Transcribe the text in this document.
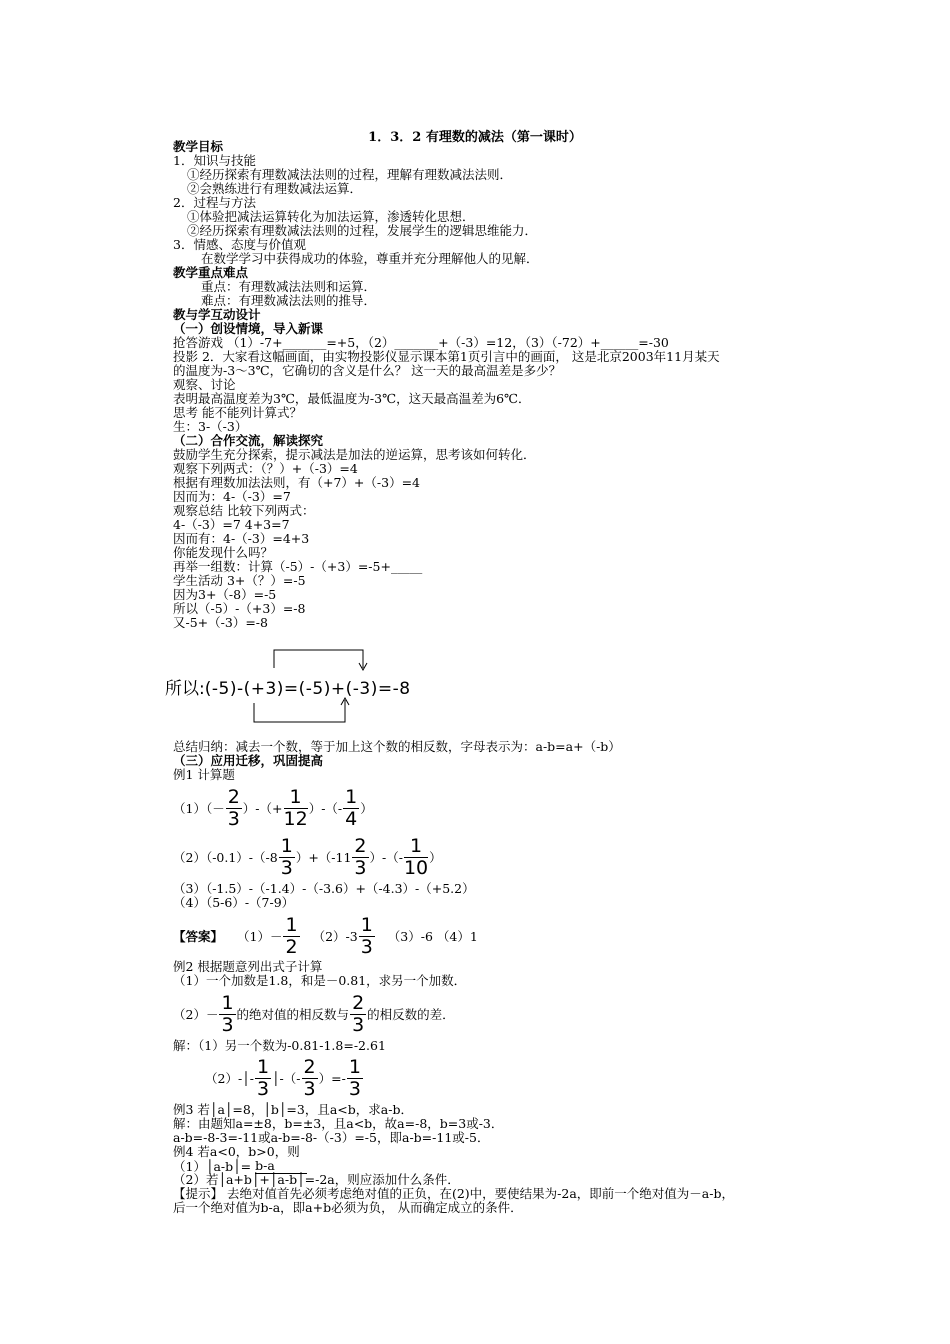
1．3．2 有理数的减法（第一课时）
教学目标
1．知识与技能
①经历探索有理数减法法则的过程，理解有理数减法法则．
②会熟练进行有理数减法运算．
2．过程与方法
①体验把减法运算转化为加法运算，渗透转化思想．
②经历探索有理数减法法则的过程，发展学生的逻辑思维能力．
3．情感、态度与价值观
在数学学习中获得成功的体验，尊重并充分理解他人的见解．
教学重点难点
重点：有理数减法法则和运算．
难点：有理数减法法则的推导．
教与学互动设计
（一）创设情境，导入新课
抢答游戏 （1）-7+_______=+5，（2）_______+（-3）=12，（3）（-72）+______=-30
投影 2．大家看这幅画面，由实物投影仪显示课本第1页引言中的画面， 这是北京2003年11月某天
的温度为-3～3℃，它确切的含义是什么？ 这一天的最高温差是多少？
观察、讨论
表明最高温度差为3℃，最低温度为-3℃，这天最高温差为6℃．
思考 能不能列计算式？
生：3-（-3）
（二）合作交流，解读探究
鼓励学生充分探索，提示减法是加法的逆运算，思考该如何转化．
观察下列两式：（？）+（-3）=4
根据有理数加法法则，有（+7）+（-3）=4
因而为：4-（-3）=7
观察总结 比较下列两式：
4-（-3）=7 4+3=7
因而有：4-（-3）=4+3
你能发现什么吗？
再举一组数：计算（-5）-（+3）=-5+_____
学生活动 3+（？）=-5
因为3+（-8）=-5
所以（-5）-（+3）=-8
又-5+（-3）=-8
所以:(-5)-(+3)=(-5)+(-3)=-8
总结归纳：减去一个数，等于加上这个数的相反数，字母表示为：a-b=a+（-b）
（三）应用迁移，巩固提高
例1 计算题
$(1)(- \frac{2}{3}$ ）-（+ $\frac{1}{12}$ ）-（- $\frac{1}{4}$ ）
$(2)(-0.1)-(-8 \frac{1}{3} )+(-11 \frac{2}{3}$ ）-（- $\frac{1}{10}$ ）
（3）（-1.5）-（-1.4）-（-3.6）+（-4.3）-（+5.2）
（4）（5-6）-（7-9）
【答案】 $(1)- \frac{1}{2} (2)-3 \frac{1}{3} (3)-6$ （4）1
例2 根据题意列出式子计算
（1）一个加数是1.8，和是－0.81，求另一个加数．
$(2)- \frac{1}{3}$ 的绝对值的相反数与 $\frac{2}{3}$ 的相反数的差．
解：（1）另一个数为-0.81-1.8=-2.61
（2）-│- $\frac{1}{3}$ │-（- $\frac{2}{3}$ ）=- $\frac{1}{3}$
例3 若│a│=8，│b│=3，且a<b，求a-b．
解：由题知a=±8，b=±3，且a<b，故a=-8，b=3或-3．
a-b=-8-3=-11或a-b=-8-（-3）=-5，即a-b=-11或-5．
例4 若a<0，b>0，则
（1）│a-b│= b-a
（2）若│a+b│+│a-b│=-2a，则应添加什么条件．
【提示】 去绝对值首先必须考虑绝对值的正负，在(2)中，要使结果为-2a，即前一个绝对值为－a-b，
后一个绝对值为b-a，即a+b必须为负， 从而确定成立的条件．
